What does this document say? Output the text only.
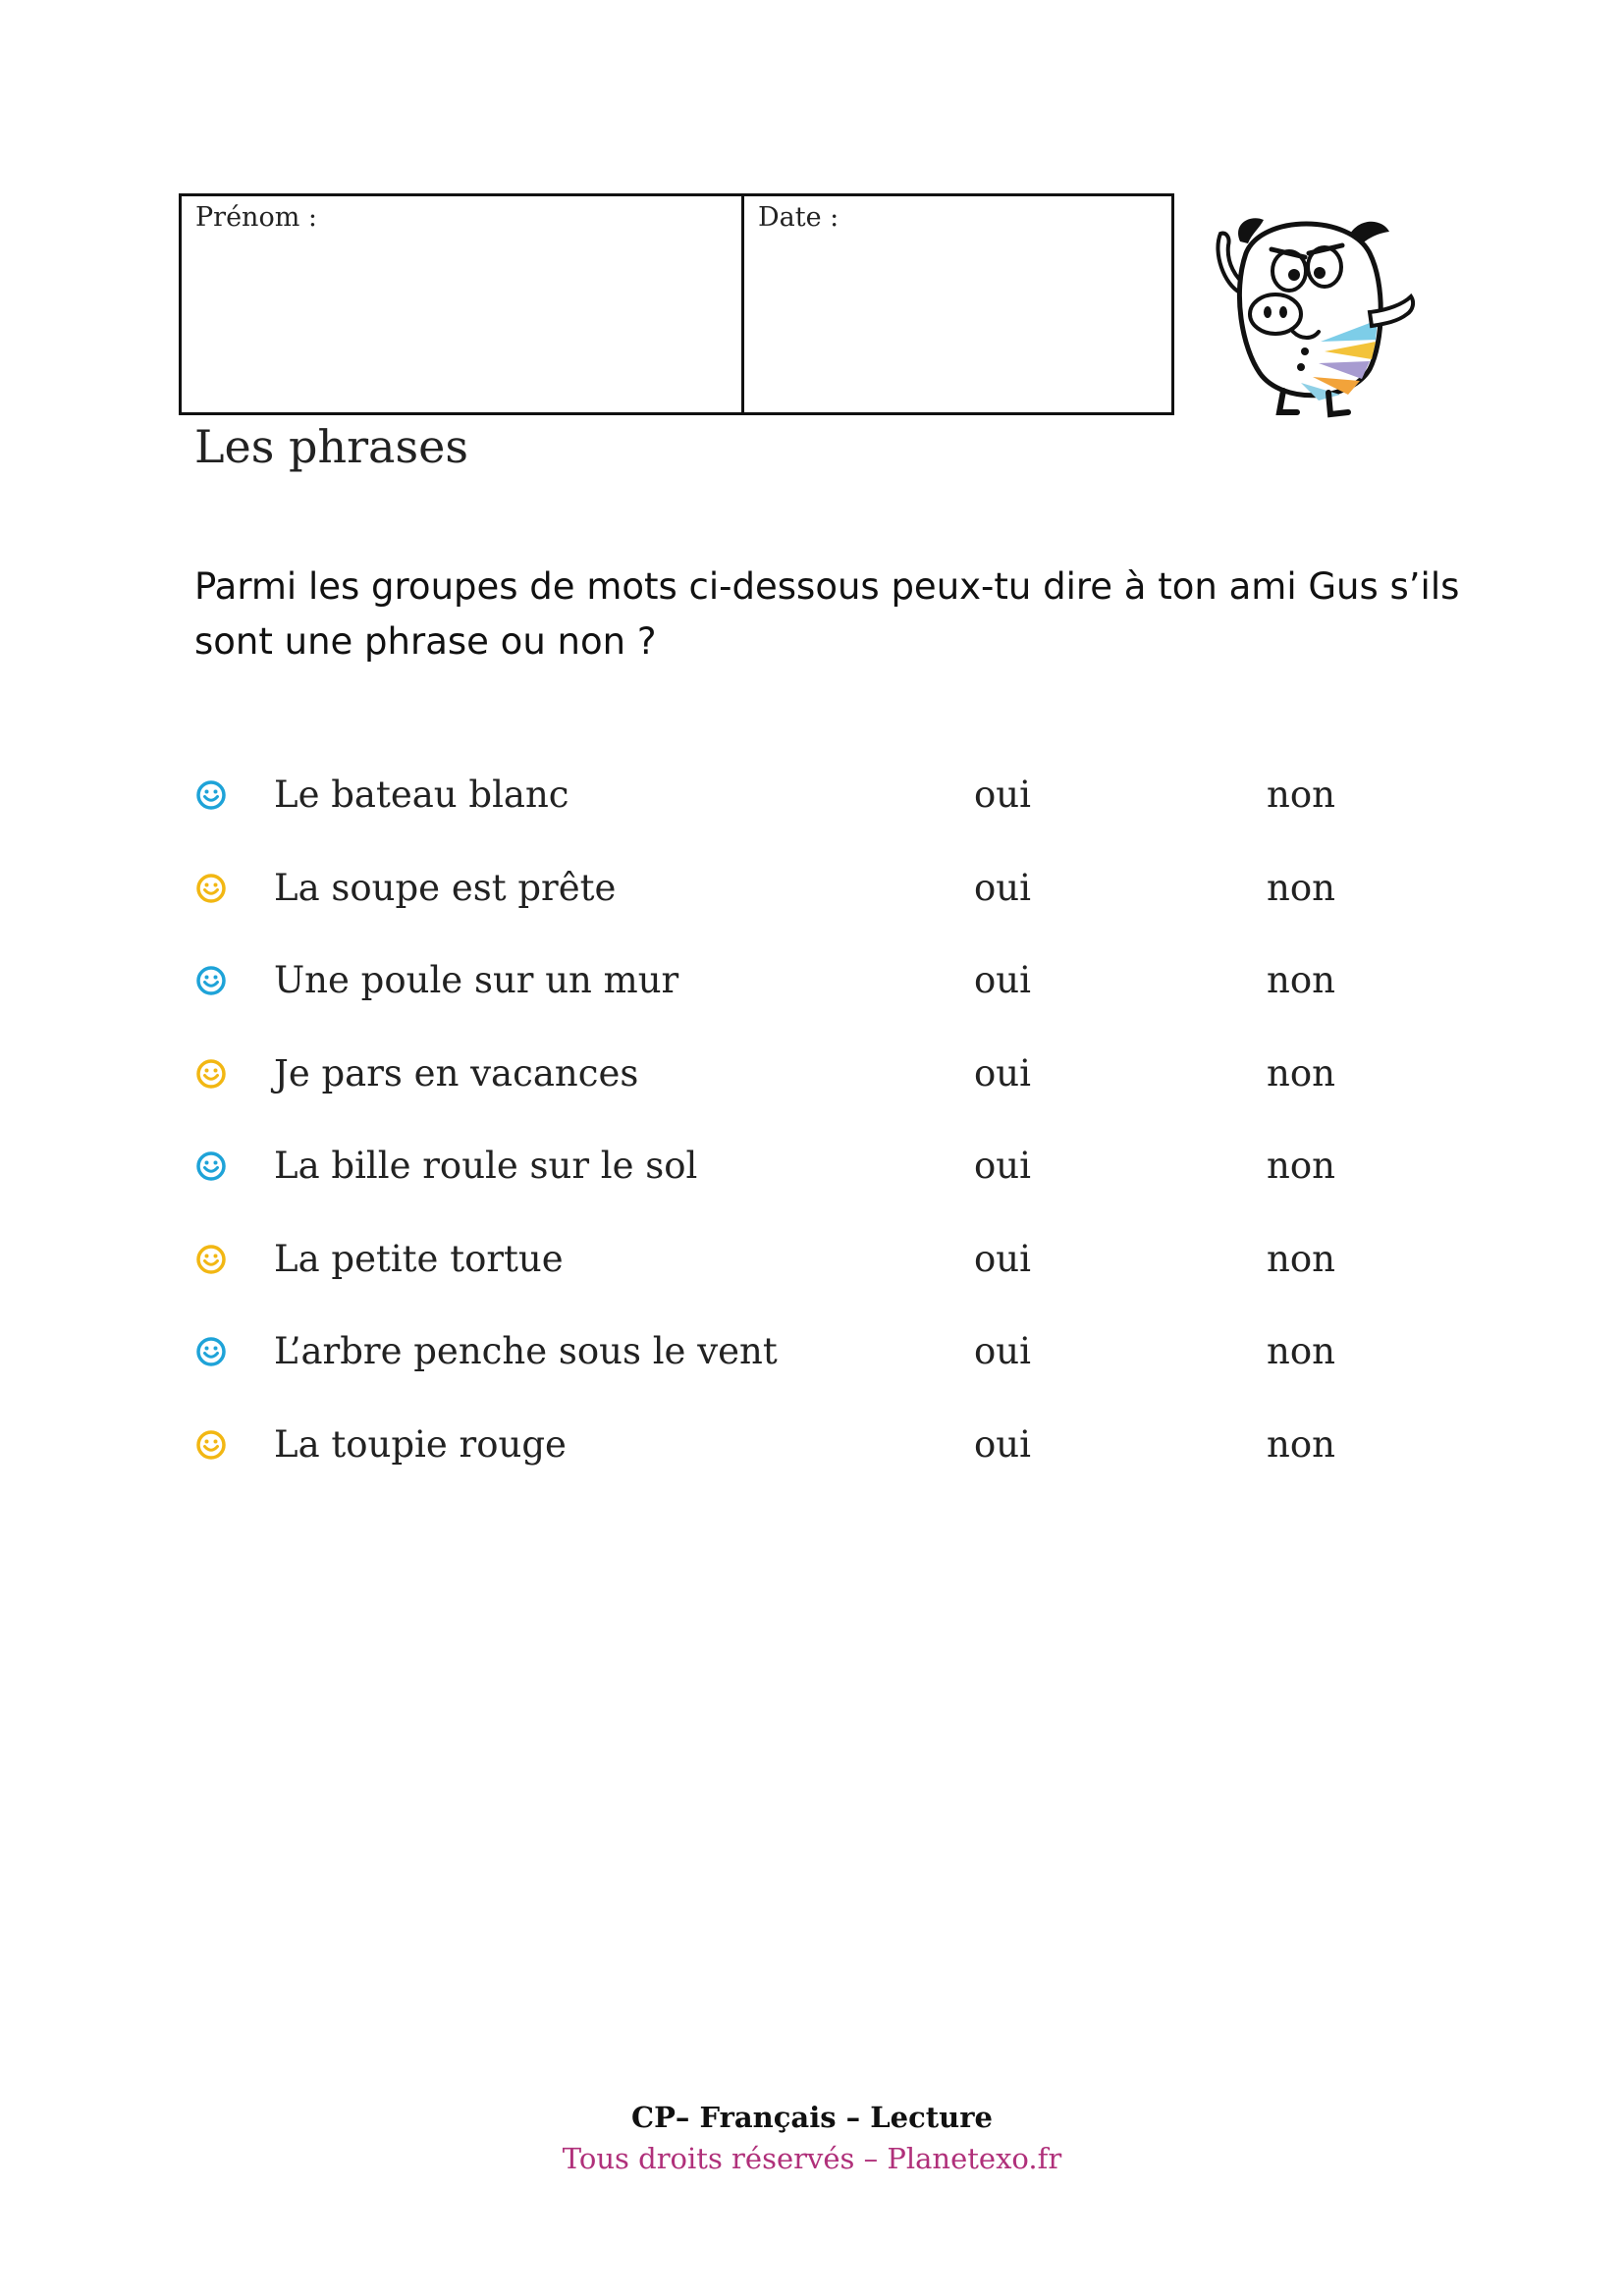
Prénom :	Date :
Les phrases

Parmi les groupes de mots ci-dessous peux-tu dire à ton ami Gus s’ils sont une phrase ou non ?

Le bateau blanc	oui	non
La soupe est prête	oui	non
Une poule sur un mur	oui	non
Je pars en vacances	oui	non
La bille roule sur le sol	oui	non
La petite tortue	oui	non
L’arbre penche sous le vent	oui	non
La toupie rouge	oui	non
CP– Français – Lecture
Tous droits réservés – Planetexo.fr
